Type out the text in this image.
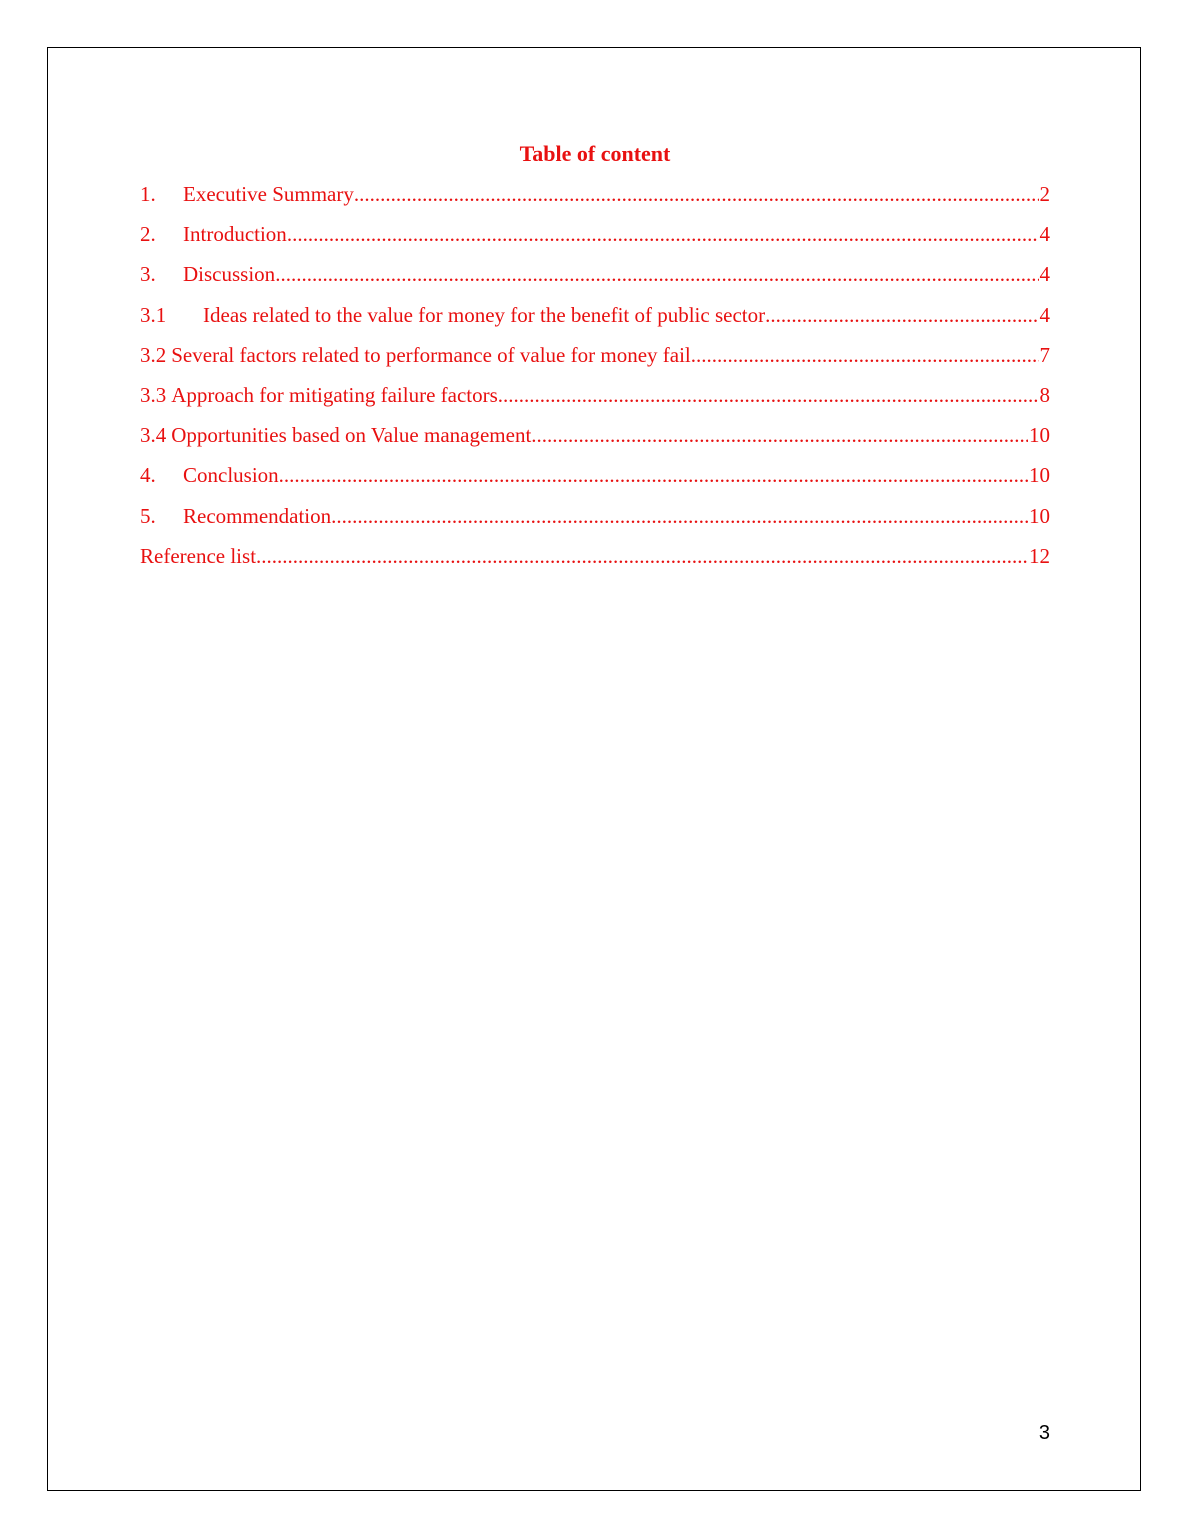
Table of content
1.	Executive Summary .....	2
2.	Introduction .....	4
3.	Discussion .....	4
3.1	Ideas related to the value for money for the benefit of public sector .....	4
3.2 Several factors related to performance of value for money fail .....	7
3.3 Approach for mitigating failure factors .....	8
3.4 Opportunities based on Value management .....	10
4.	Conclusion .....	10
5.	Recommendation .....	10
Reference list .....	12
3
